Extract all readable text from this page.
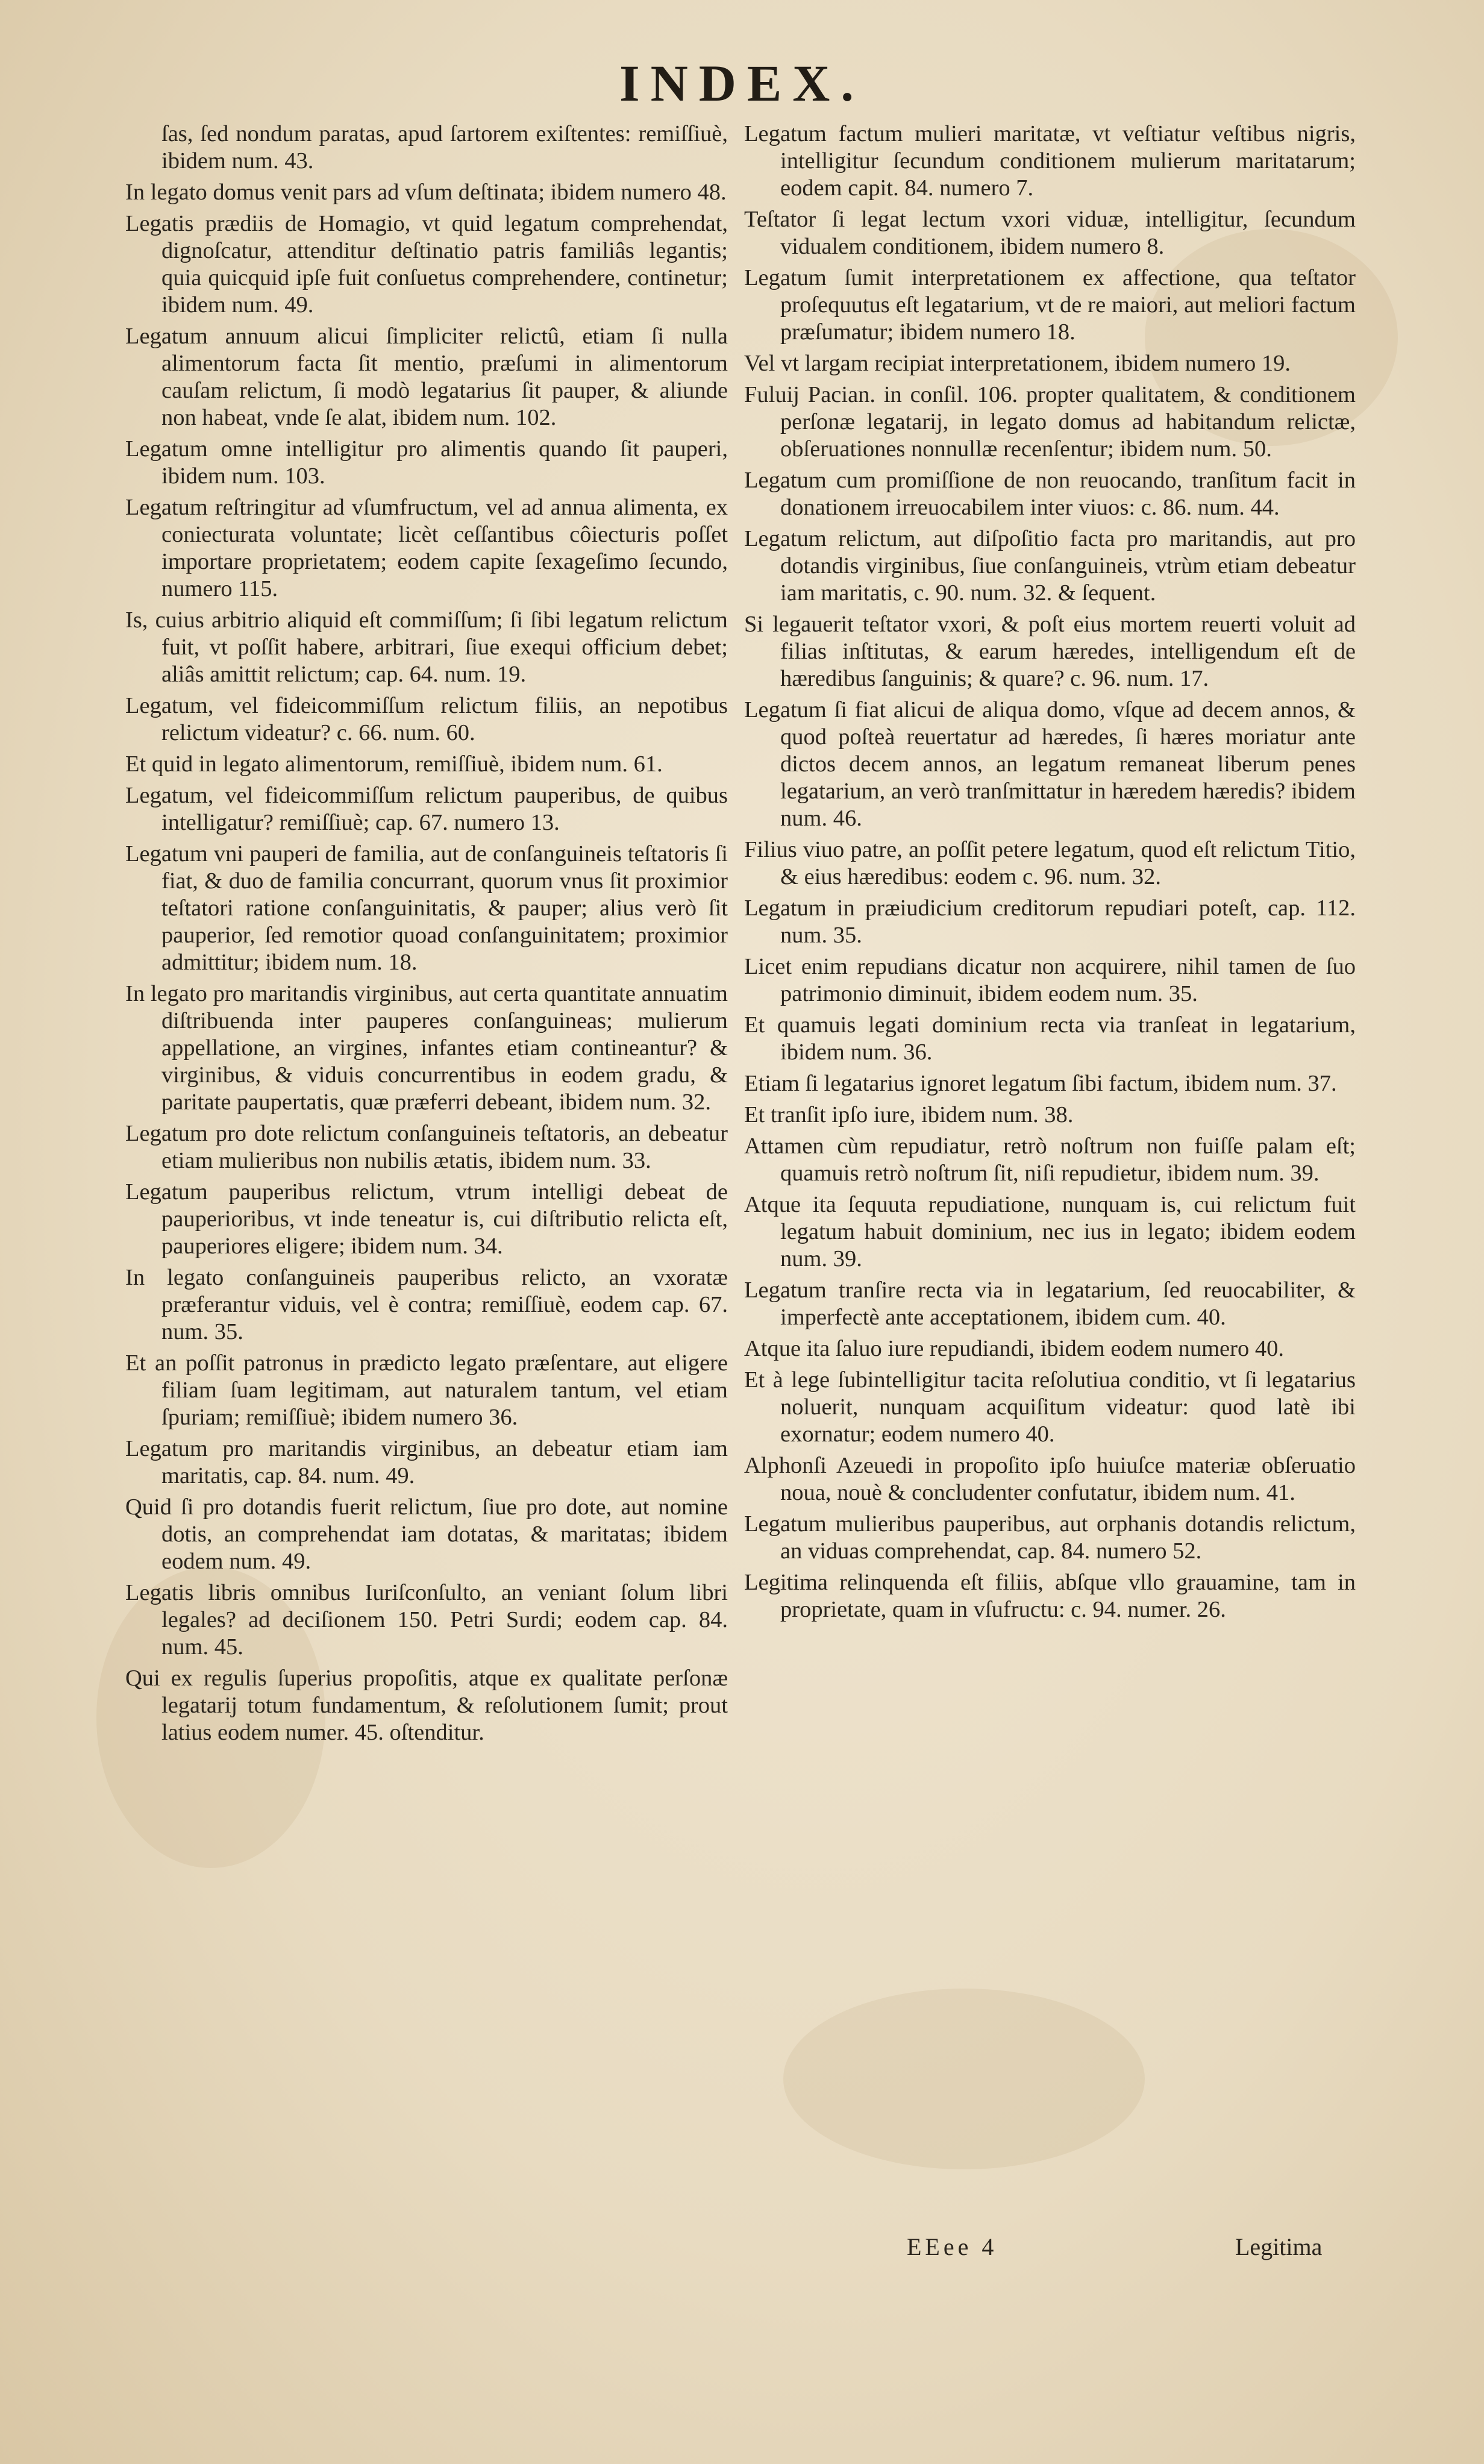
INDEX.

ſas, ſed nondum paratas, apud ſartorem exiſtentes: remiſſiuè, ibidem num. 43.

In legato domus venit pars ad vſum deſtinata; ibidem numero 48.

Legatis prædiis de Homagio, vt quid legatum comprehendat, dignoſcatur, attenditur deſtinatio patris familiâs legantis; quia quicquid ipſe fuit conſuetus comprehendere, continetur; ibidem num. 49.

Legatum annuum alicui ſimpliciter relictû, etiam ſi nulla alimentorum facta ſit mentio, præſumi in alimentorum cauſam relictum, ſi modò legatarius ſit pauper, & aliunde non habeat, vnde ſe alat, ibidem num. 102.

Legatum omne intelligitur pro alimentis quando ſit pauperi, ibidem num. 103.

Legatum reſtringitur ad vſumfructum, vel ad annua alimenta, ex coniecturata voluntate; licèt ceſſantibus côiecturis poſſet importare proprietatem; eodem capite ſexageſimo ſecundo, numero 115.

Is, cuius arbitrio aliquid eſt commiſſum; ſi ſibi legatum relictum fuit, vt poſſit habere, arbitrari, ſiue exequi officium debet; aliâs amittit relictum; cap. 64. num. 19.

Legatum, vel fideicommiſſum relictum filiis, an nepotibus relictum videatur? c. 66. num. 60.

Et quid in legato alimentorum, remiſſiuè, ibidem num. 61.

Legatum, vel fideicommiſſum relictum pauperibus, de quibus intelligatur? remiſſiuè; cap. 67. numero 13.

Legatum vni pauperi de familia, aut de conſanguineis teſtatoris ſi fiat, & duo de familia concurrant, quorum vnus ſit proximior teſtatori ratione conſanguinitatis, & pauper; alius verò ſit pauperior, ſed remotior quoad conſanguinitatem; proximior admittitur; ibidem num. 18.

In legato pro maritandis virginibus, aut certa quantitate annuatim diſtribuenda inter pauperes conſanguineas; mulierum appellatione, an virgines, infantes etiam contineantur? & virginibus, & viduis concurrentibus in eodem gradu, & paritate paupertatis, quæ præferri debeant, ibidem num. 32.

Legatum pro dote relictum conſanguineis teſtatoris, an debeatur etiam mulieribus non nubilis ætatis, ibidem num. 33.

Legatum pauperibus relictum, vtrum intelligi debeat de pauperioribus, vt inde teneatur is, cui diſtributio relicta eſt, pauperiores eligere; ibidem num. 34.

In legato conſanguineis pauperibus relicto, an vxoratæ præferantur viduis, vel è contra; remiſſiuè, eodem cap. 67. num. 35.

Et an poſſit patronus in prædicto legato præſentare, aut eligere filiam ſuam legitimam, aut naturalem tantum, vel etiam ſpuriam; remiſſiuè; ibidem numero 36.

Legatum pro maritandis virginibus, an debeatur etiam iam maritatis, cap. 84. num. 49.

Quid ſi pro dotandis fuerit relictum, ſiue pro dote, aut nomine dotis, an comprehendat iam dotatas, & maritatas; ibidem eodem num. 49.

Legatis libris omnibus Iuriſconſulto, an veniant ſolum libri legales? ad deciſionem 150. Petri Surdi; eodem cap. 84. num. 45.

Qui ex regulis ſuperius propoſitis, atque ex qualitate perſonæ legatarij totum fundamentum, & reſolutionem ſumit; prout latius eodem numer. 45. oſtenditur.

Legatum factum mulieri maritatæ, vt veſtiatur veſtibus nigris, intelligitur ſecundum conditionem mulierum maritatarum; eodem capit. 84. numero 7.

Teſtator ſi legat lectum vxori viduæ, intelligitur, ſecundum vidualem conditionem, ibidem numero 8.

Legatum ſumit interpretationem ex affectione, qua teſtator proſequutus eſt legatarium, vt de re maiori, aut meliori factum præſumatur; ibidem numero 18.

Vel vt largam recipiat interpretationem, ibidem numero 19.

Fuluij Pacian. in conſil. 106. propter qualitatem, & conditionem perſonæ legatarij, in legato domus ad habitandum relictæ, obſeruationes nonnullæ recenſentur; ibidem num. 50.

Legatum cum promiſſione de non reuocando, tranſitum facit in donationem irreuocabilem inter viuos: c. 86. num. 44.

Legatum relictum, aut diſpoſitio facta pro maritandis, aut pro dotandis virginibus, ſiue conſanguineis, vtrùm etiam debeatur iam maritatis, c. 90. num. 32. & ſequent.

Si legauerit teſtator vxori, & poſt eius mortem reuerti voluit ad filias inſtitutas, & earum hæredes, intelligendum eſt de hæredibus ſanguinis; & quare? c. 96. num. 17.

Legatum ſi fiat alicui de aliqua domo, vſque ad decem annos, & quod poſteà reuertatur ad hæredes, ſi hæres moriatur ante dictos decem annos, an legatum remaneat liberum penes legatarium, an verò tranſmittatur in hæredem hæredis? ibidem num. 46.

Filius viuo patre, an poſſit petere legatum, quod eſt relictum Titio, & eius hæredibus: eodem c. 96. num. 32.

Legatum in præiudicium creditorum repudiari poteſt, cap. 112. num. 35.

Licet enim repudians dicatur non acquirere, nihil tamen de ſuo patrimonio diminuit, ibidem eodem num. 35.

Et quamuis legati dominium recta via tranſeat in legatarium, ibidem num. 36.

Etiam ſi legatarius ignoret legatum ſibi factum, ibidem num. 37.

Et tranſit ipſo iure, ibidem num. 38.

Attamen cùm repudiatur, retrò noſtrum non fuiſſe palam eſt; quamuis retrò noſtrum ſit, niſi repudietur, ibidem num. 39.

Atque ita ſequuta repudiatione, nunquam is, cui relictum fuit legatum habuit dominium, nec ius in legato; ibidem eodem num. 39.

Legatum tranſire recta via in legatarium, ſed reuocabiliter, & imperfectè ante acceptationem, ibidem cum. 40.

Atque ita ſaluo iure repudiandi, ibidem eodem numero 40.

Et à lege ſubintelligitur tacita reſolutiua conditio, vt ſi legatarius noluerit, nunquam acquiſitum videatur: quod latè ibi exornatur; eodem numero 40.

Alphonſi Azeuedi in propoſito ipſo huiuſce materiæ obſeruatio noua, nouè & concludenter confutatur, ibidem num. 41.

Legatum mulieribus pauperibus, aut orphanis dotandis relictum, an viduas comprehendat, cap. 84. numero 52.

Legitima relinquenda eſt filiis, abſque vllo grauamine, tam in proprietate, quam in vſufructu: c. 94. numer. 26.

EEee 4	Legitima
